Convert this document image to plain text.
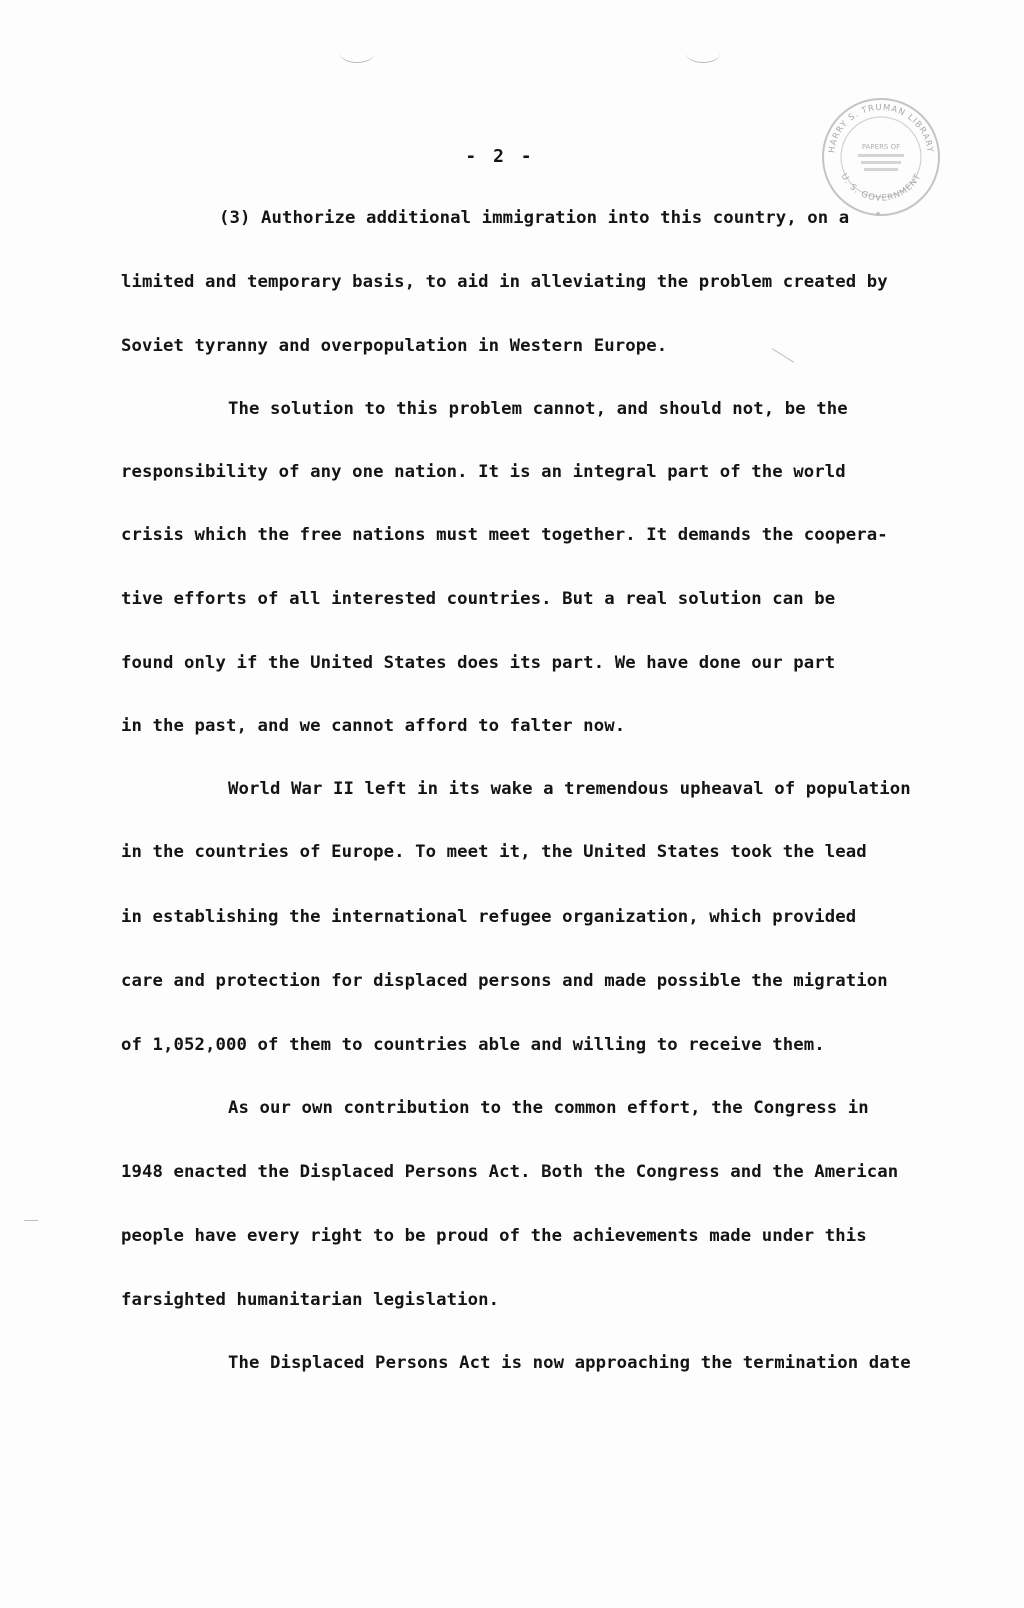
HARRY S. TRUMAN LIBRARY
U. S. GOVERNMENT
PAPERS OF
- 2 -
(3) Authorize additional immigration into this country, on a
limited and temporary basis, to aid in alleviating the problem created by
Soviet tyranny and overpopulation in Western Europe.
The solution to this problem cannot, and should not, be the
responsibility of any one nation. It is an integral part of the world
crisis which the free nations must meet together. It demands the coopera-
tive efforts of all interested countries. But a real solution can be
found only if the United States does its part. We have done our part
in the past, and we cannot afford to falter now.
World War II left in its wake a tremendous upheaval of population
in the countries of Europe. To meet it, the United States took the lead
in establishing the international refugee organization, which provided
care and protection for displaced persons and made possible the migration
of 1,052,000 of them to countries able and willing to receive them.
As our own contribution to the common effort, the Congress in
1948 enacted the Displaced Persons Act. Both the Congress and the American
people have every right to be proud of the achievements made under this
farsighted humanitarian legislation.
The Displaced Persons Act is now approaching the termination date
